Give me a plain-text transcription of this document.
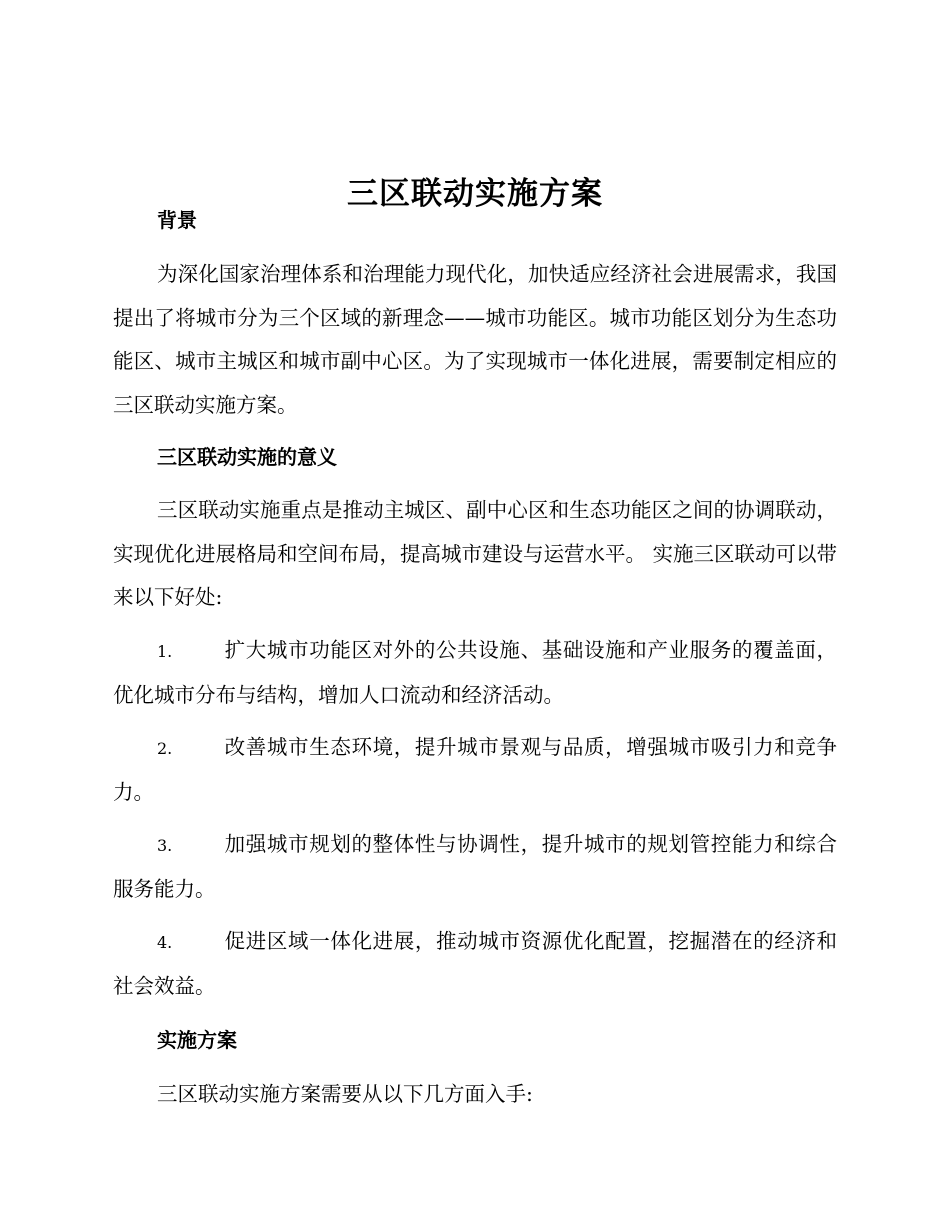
三区联动实施方案
背景

为深化国家治理体系和治理能力现代化，加快适应经济社会进展需求，我国提出了将城市分为三个区域的新理念——城市功能区。城市功能区划分为生态功能区、城市主城区和城市副中心区。为了实现城市一体化进展，需要制定相应的三区联动实施方案。

三区联动实施的意义

三区联动实施重点是推动主城区、副中心区和生态功能区之间的协调联动，实现优化进展格局和空间布局，提高城市建设与运营水平。 实施三区联动可以带来以下好处:

1.	扩大城市功能区对外的公共设施、基础设施和产业服务的覆盖面，优化城市分布与结构，增加人口流动和经济活动。

2.	改善城市生态环境，提升城市景观与品质，增强城市吸引力和竞争力。

3.	加强城市规划的整体性与协调性，提升城市的规划管控能力和综合服务能力。

4.	促进区域一体化进展，推动城市资源优化配置，挖掘潜在的经济和社会效益。

实施方案

三区联动实施方案需要从以下几方面入手:
